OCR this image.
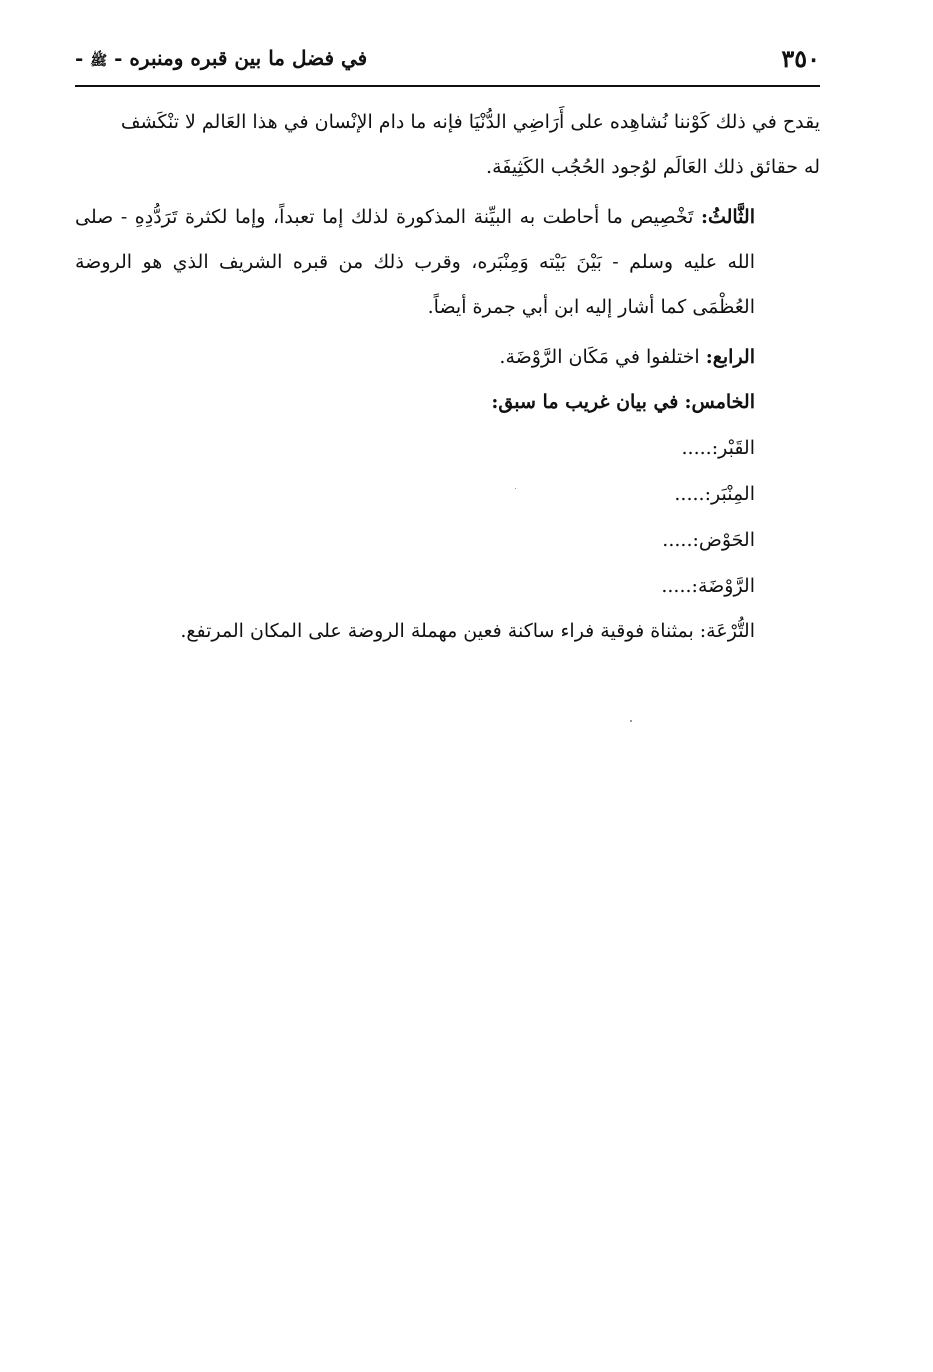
٣٥٠
في فضل ما بين قبره ومنبره - ﷺ -

يقدح في ذلك كَوْننا نُشاهِده على أَرَاضِي الدُّنْيَا فإنه ما دام الإنْسان في هذا العَالم لا تنْكَشف

له حقائق ذلك العَالَم لوُجود الحُجُب الكَثِيفَة.

الثَّالثُ: تَخْصِيص ما أحاطت به البيِّنة المذكورة لذلك إما تعبداً، وإما لكثرة تَرَدُّدِهِ - صلى الله عليه وسلم - بَيْنَ بَيْته وَمِنْبَره، وقرب ذلك من قبره الشريف الذي هو الروضة العُظْمَى كما أشار إليه ابن أبي جمرة أيضاً.

الرابع: اختلفوا في مَكَان الرَّوْضَة.

الخامس: في بيان غريب ما سبق:

القَبْر:.....
المِنْبَر:.....
الحَوْض:.....
الرَّوْضَة:.....

التُّرْعَة: بمثناة فوقية فراء ساكنة فعين مهملة الروضة على المكان المرتفع.
